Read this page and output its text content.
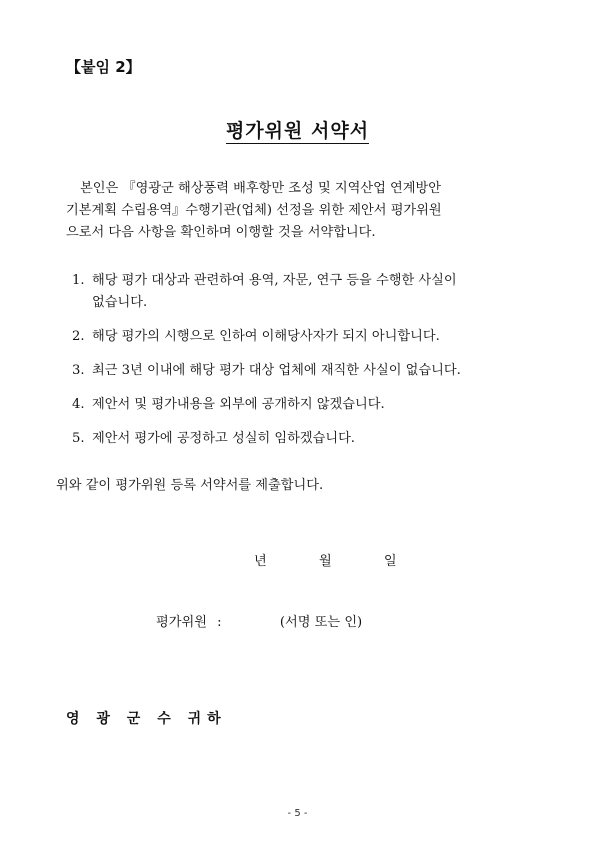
【붙임 2】
평가위원 서약서
본인은 『영광군 해상풍력 배후항만 조성 및 지역산업 연계방안
기본계획 수립용역』수행기관(업체) 선정을 위한 제안서 평가위원
으로서 다음 사항을 확인하며 이행할 것을 서약합니다.
1. 해당 평가 대상과 관련하여 용역, 자문, 연구 등을 수행한 사실이
없습니다.
2. 해당 평가의 시행으로 인하여 이해당사자가 되지 아니합니다.
3. 최근 3년 이내에 해당 평가 대상 업체에 재직한 사실이 없습니다.
4. 제안서 및 평가내용을 외부에 공개하지 않겠습니다.
5. 제안서 평가에 공정하고 성실히 임하겠습니다.
위와 같이 평가위원 등록 서약서를 제출합니다.
년	월	일
평가위원 :	(서명 또는 인)
영 광 군 수 귀하
- 5 -
